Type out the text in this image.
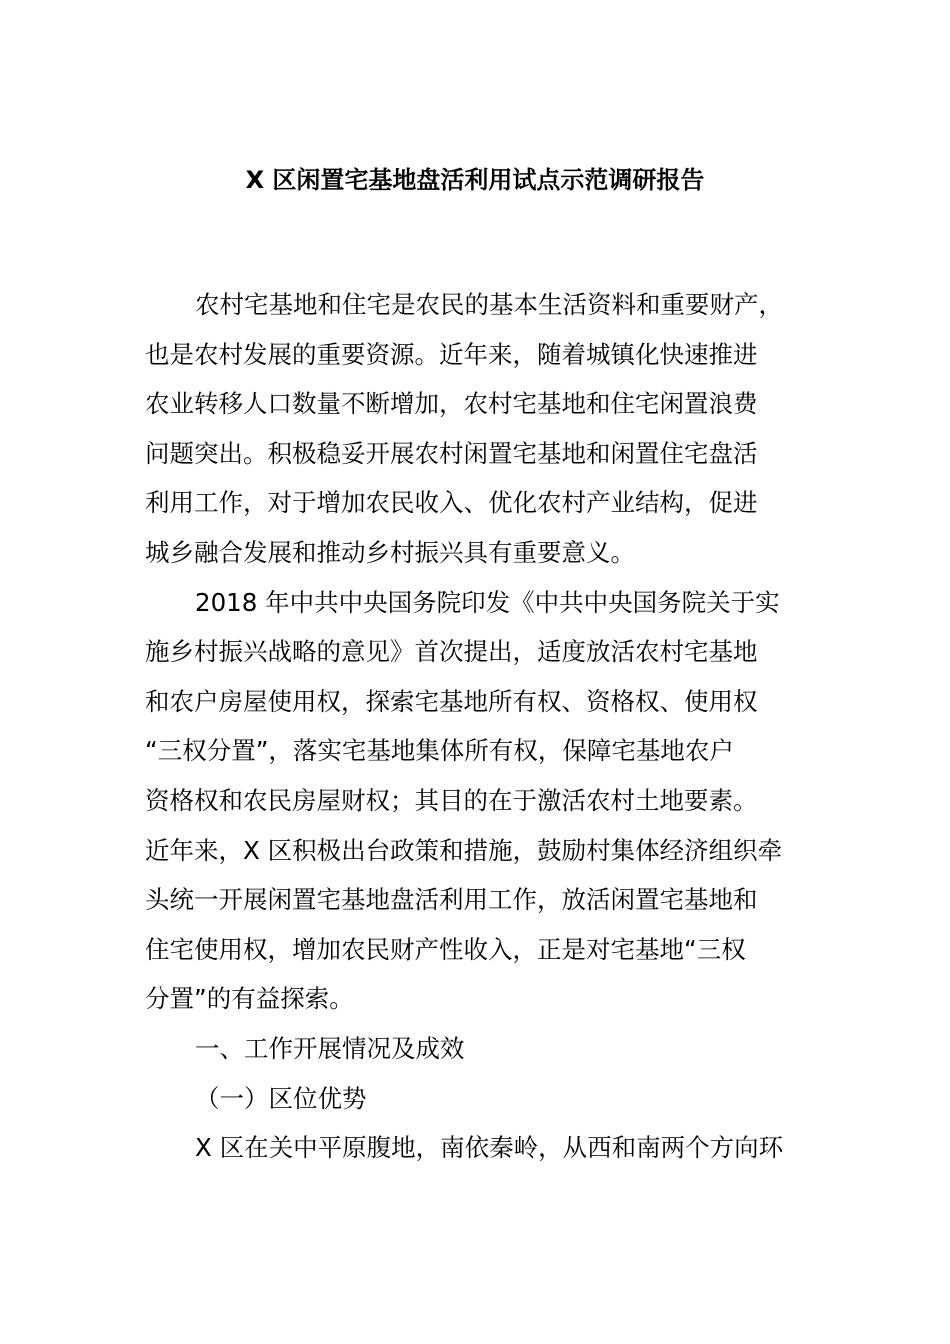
X 区闲置宅基地盘活利用试点示范调研报告
农村宅基地和住宅是农民的基本生活资料和重要财产，
也是农村发展的重要资源。近年来，随着城镇化快速推进
农业转移人口数量不断增加，农村宅基地和住宅闲置浪费
问题突出。积极稳妥开展农村闲置宅基地和闲置住宅盘活
利用工作，对于增加农民收入、优化农村产业结构，促进
城乡融合发展和推动乡村振兴具有重要意义。
2018 年中共中央国务院印发《中共中央国务院关于实
施乡村振兴战略的意见》首次提出，适度放活农村宅基地
和农户房屋使用权，探索宅基地所有权、资格权、使用权
“三权分置”，落实宅基地集体所有权，保障宅基地农户
资格权和农民房屋财权；其目的在于激活农村土地要素。
近年来，X 区积极出台政策和措施，鼓励村集体经济组织牵
头统一开展闲置宅基地盘活利用工作，放活闲置宅基地和
住宅使用权，增加农民财产性收入，正是对宅基地“三权
分置”的有益探索。
一、工作开展情况及成效
（一）区位优势
X 区在关中平原腹地，南依秦岭，从西和南两个方向环
